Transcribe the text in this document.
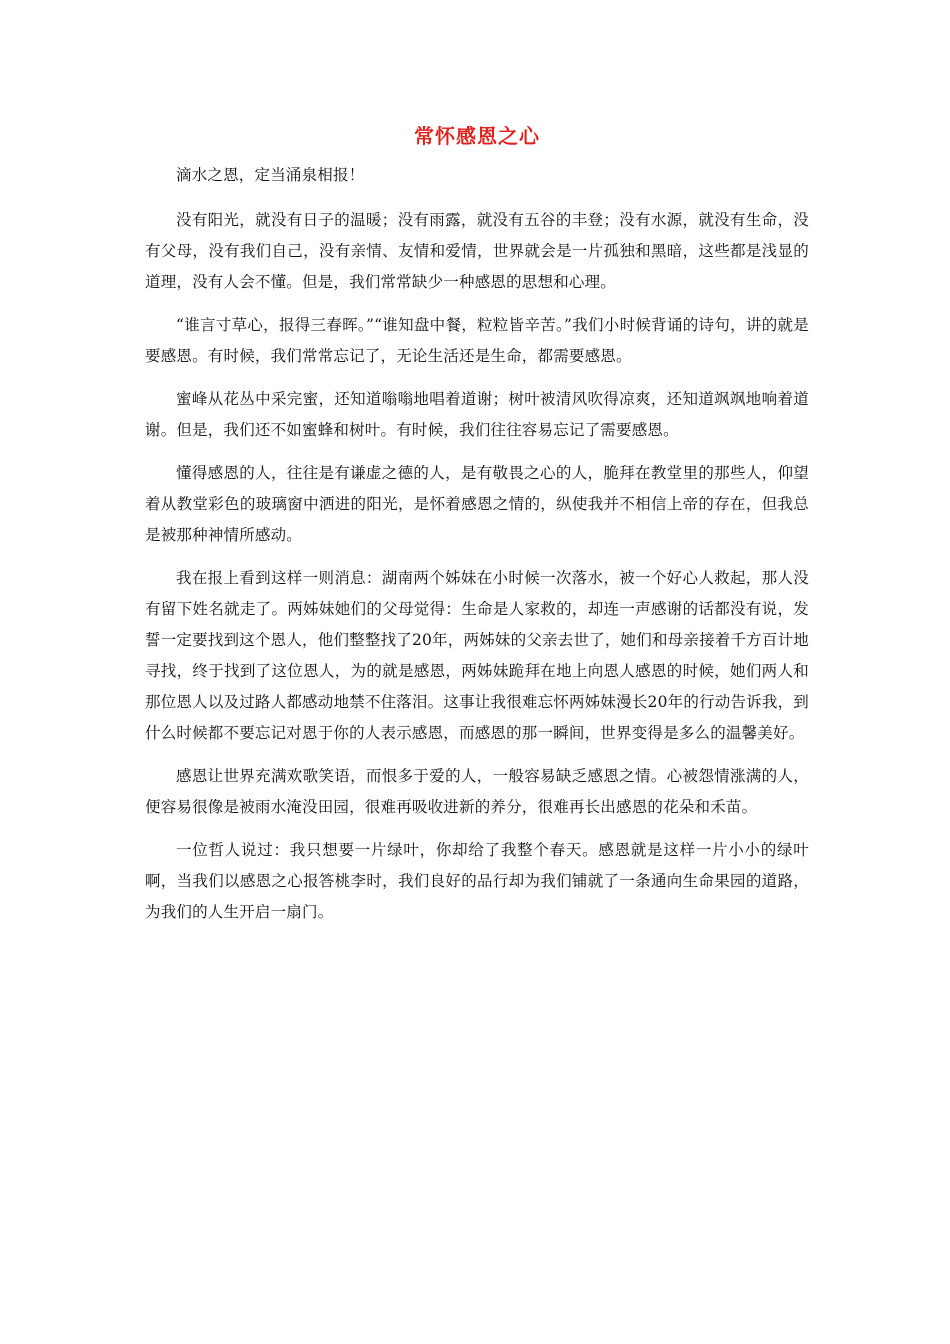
常怀感恩之心

滴水之恩，定当涌泉相报！

没有阳光，就没有日子的温暖；没有雨露，就没有五谷的丰登；没有水源，就没有生命，没有父母，没有我们自己，没有亲情、友情和爱情，世界就会是一片孤独和黑暗，这些都是浅显的道理，没有人会不懂。但是，我们常常缺少一种感恩的思想和心理。

“谁言寸草心，报得三春晖。”“谁知盘中餐，粒粒皆辛苦。”我们小时候背诵的诗句，讲的就是要感恩。有时候，我们常常忘记了，无论生活还是生命，都需要感恩。

蜜峰从花丛中采完蜜，还知道嗡嗡地唱着道谢；树叶被清风吹得凉爽，还知道飒飒地响着道谢。但是，我们还不如蜜蜂和树叶。有时候，我们往往容易忘记了需要感恩。

懂得感恩的人，往往是有谦虚之德的人，是有敬畏之心的人，脆拜在教堂里的那些人，仰望着从教堂彩色的玻璃窗中洒进的阳光，是怀着感恩之情的，纵使我并不相信上帝的存在，但我总是被那种神情所感动。

我在报上看到这样一则消息：湖南两个姊妹在小时候一次落水，被一个好心人救起，那人没有留下姓名就走了。两姊妹她们的父母觉得：生命是人家救的，却连一声感谢的话都没有说，发誓一定要找到这个恩人，他们整整找了20年，两姊妹的父亲去世了，她们和母亲接着千方百计地寻找，终于找到了这位恩人，为的就是感恩，两姊妹跪拜在地上向恩人感恩的时候，她们两人和那位恩人以及过路人都感动地禁不住落泪。这事让我很难忘怀两姊妹漫长20年的行动告诉我，到什么时候都不要忘记对恩于你的人表示感恩，而感恩的那一瞬间，世界变得是多么的温馨美好。

感恩让世界充满欢歌笑语，而恨多于爱的人，一般容易缺乏感恩之情。心被怨情涨满的人，便容易很像是被雨水淹没田园，很难再吸收进新的养分，很难再长出感恩的花朵和禾苗。

一位哲人说过：我只想要一片绿叶，你却给了我整个春天。感恩就是这样一片小小的绿叶啊，当我们以感恩之心报答桃李时，我们良好的品行却为我们铺就了一条通向生命果园的道路，为我们的人生开启一扇门。
